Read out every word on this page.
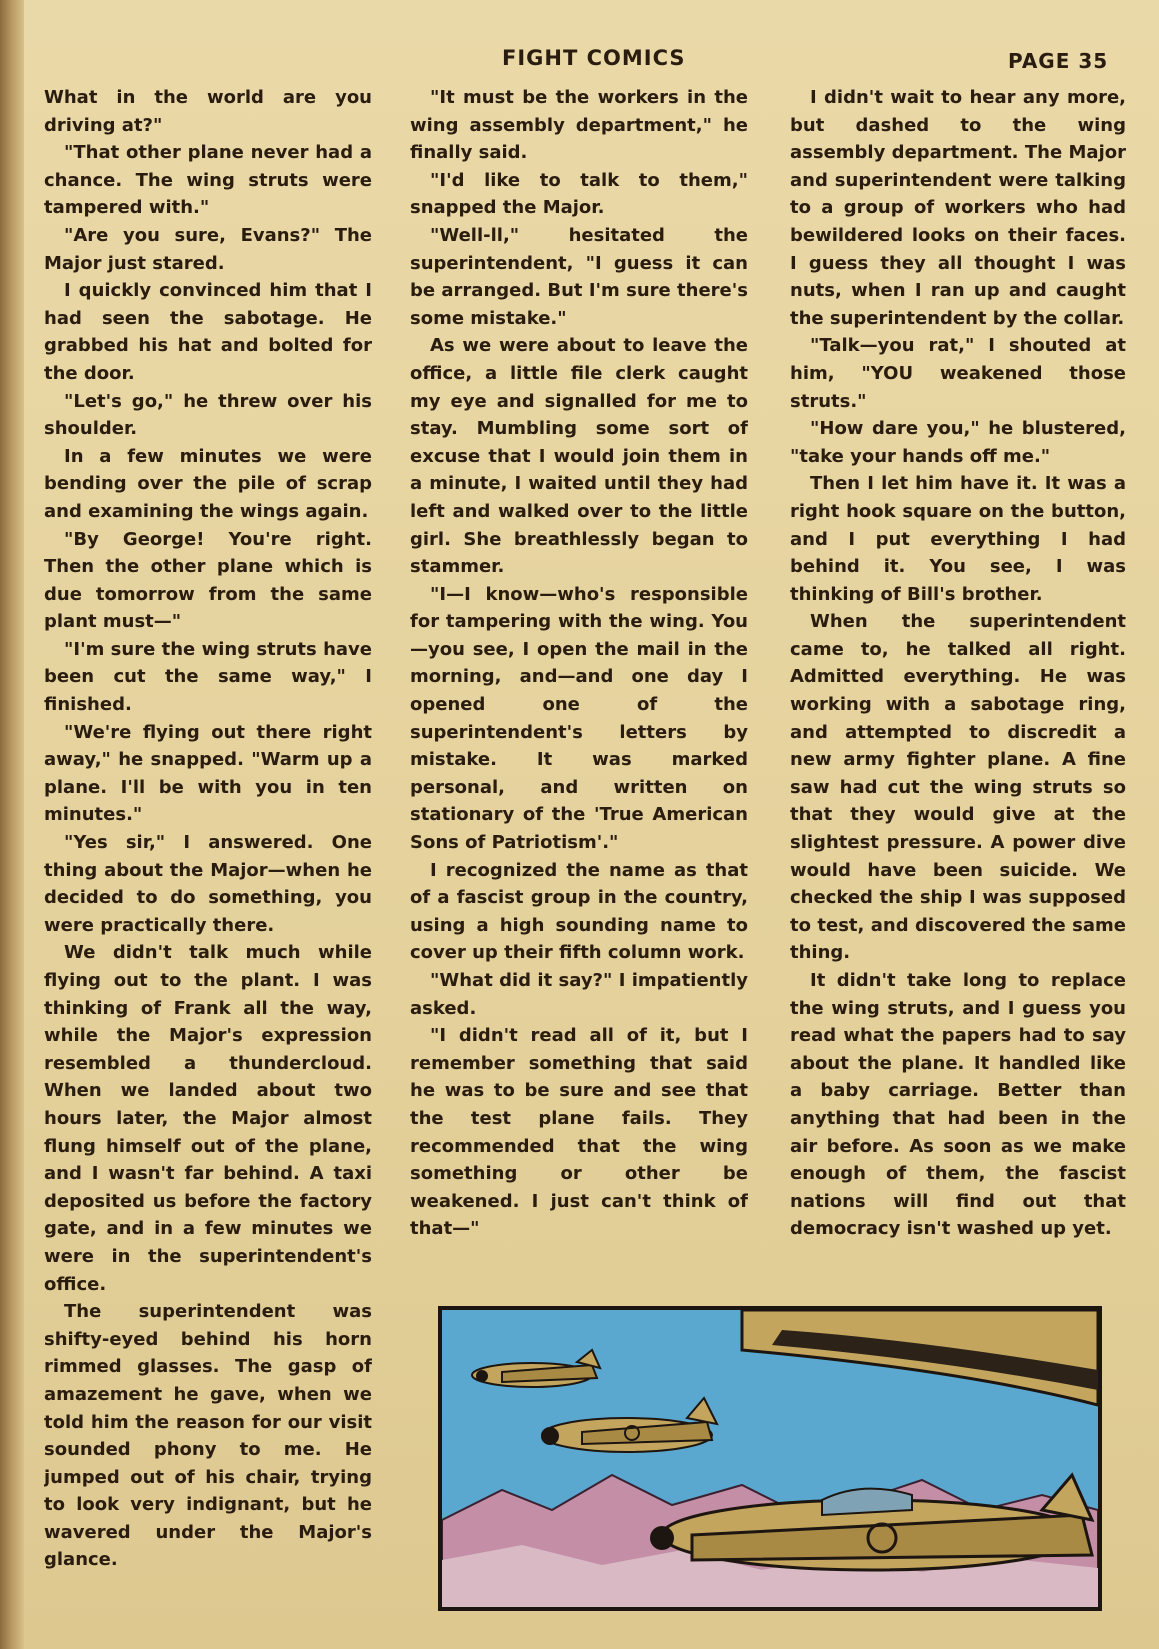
FIGHT COMICS	PAGE 35

What in the world are you driving at?"

"That other plane never had a chance. The wing struts were tampered with."

"Are you sure, Evans?" The Major just stared.

I quickly convinced him that I had seen the sabotage. He grabbed his hat and bolted for the door.

"Let's go," he threw over his shoulder.

In a few minutes we were bending over the pile of scrap and examining the wings again.

"By George! You're right. Then the other plane which is due tomorrow from the same plant must—"

"I'm sure the wing struts have been cut the same way," I finished.

"We're flying out there right away," he snapped. "Warm up a plane. I'll be with you in ten minutes."

"Yes sir," I answered. One thing about the Major—when he decided to do something, you were practically there.

We didn't talk much while flying out to the plant. I was thinking of Frank all the way, while the Major's expression resembled a thundercloud. When we landed about two hours later, the Major almost flung himself out of the plane, and I wasn't far behind. A taxi deposited us before the factory gate, and in a few minutes we were in the superintendent's office.

The superintendent was shifty-eyed behind his horn rimmed glasses. The gasp of amazement he gave, when we told him the reason for our visit sounded phony to me. He jumped out of his chair, trying to look very indignant, but he wavered under the Major's glance.

"It must be the workers in the wing assembly department," he finally said.

"I'd like to talk to them," snapped the Major.

"Well-ll," hesitated the superintendent, "I guess it can be arranged. But I'm sure there's some mistake."

As we were about to leave the office, a little file clerk caught my eye and signalled for me to stay. Mumbling some sort of excuse that I would join them in a minute, I waited until they had left and walked over to the little girl. She breathlessly began to stammer.

"I—I know—who's responsible for tampering with the wing. You—you see, I open the mail in the morning, and—and one day I opened one of the superintendent's letters by mistake. It was marked personal, and written on stationary of the 'True American Sons of Patriotism'."

I recognized the name as that of a fascist group in the country, using a high sounding name to cover up their fifth column work.

"What did it say?" I impatiently asked.

"I didn't read all of it, but I remember something that said he was to be sure and see that the test plane fails. They recommended that the wing something or other be weakened. I just can't think of that—"

I didn't wait to hear any more, but dashed to the wing assembly department. The Major and superintendent were talking to a group of workers who had bewildered looks on their faces. I guess they all thought I was nuts, when I ran up and caught the superintendent by the collar.

"Talk—you rat," I shouted at him, "YOU weakened those struts."

"How dare you," he blustered, "take your hands off me."

Then I let him have it. It was a right hook square on the button, and I put everything I had behind it. You see, I was thinking of Bill's brother.

When the superintendent came to, he talked all right. Admitted everything. He was working with a sabotage ring, and attempted to discredit a new army fighter plane. A fine saw had cut the wing struts so that they would give at the slightest pressure. A power dive would have been suicide. We checked the ship I was supposed to test, and discovered the same thing.

It didn't take long to replace the wing struts, and I guess you read what the papers had to say about the plane. It handled like a baby carriage. Better than anything that had been in the air before. As soon as we make enough of them, the fascist nations will find out that democracy isn't washed up yet.
